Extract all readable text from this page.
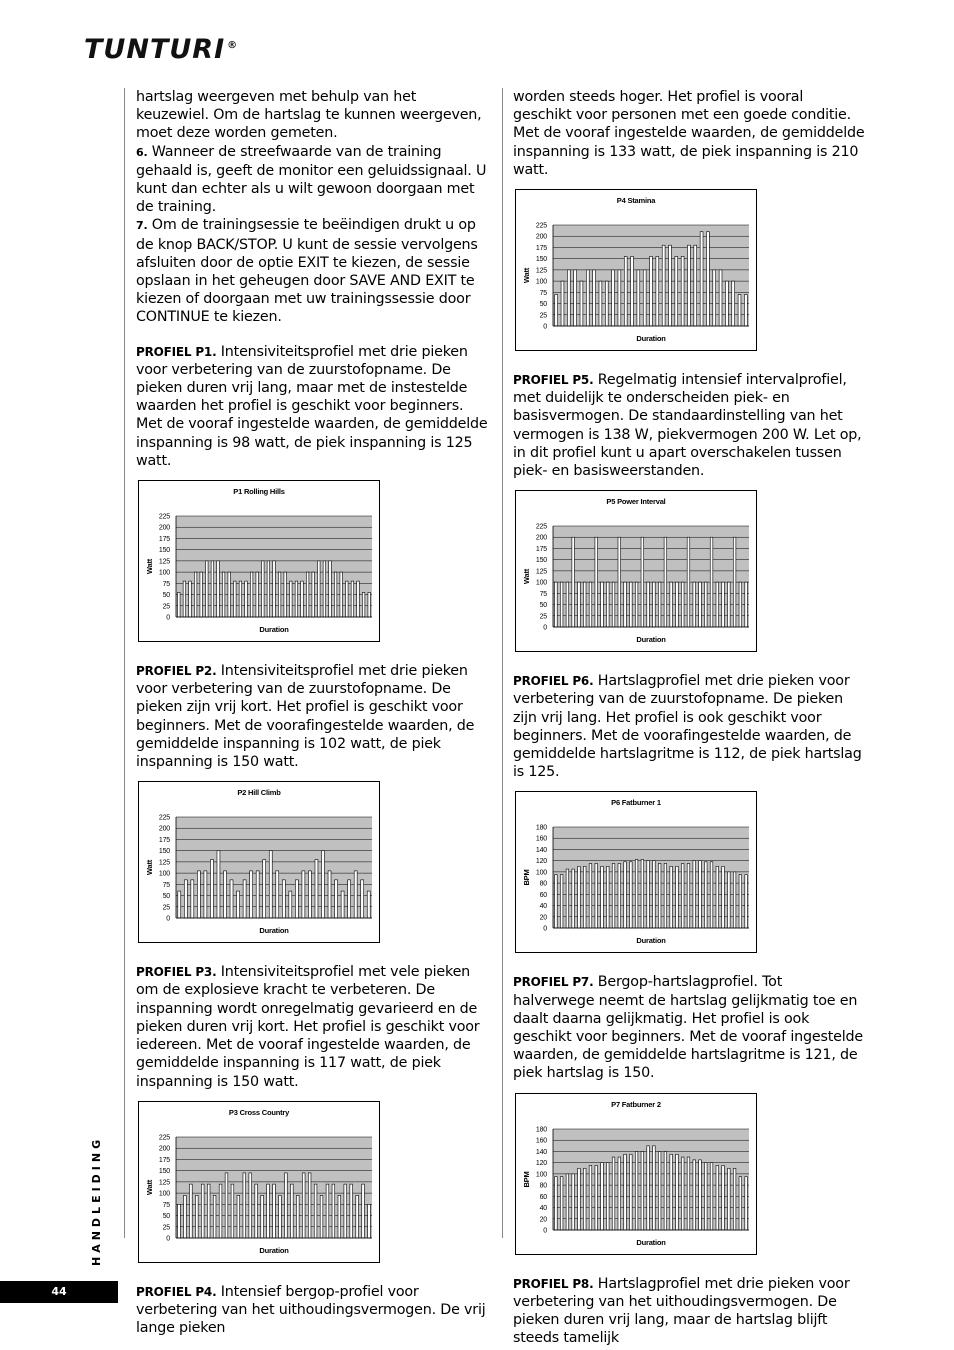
TUNTURI ®

hartslag weergeven met behulp van het keuzewiel. Om de hartslag te kunnen weergeven, moet deze worden gemeten.

6. Wanneer de streefwaarde van de training gehaald is, geeft de monitor een geluidssignaal. U kunt dan echter als u wilt gewoon doorgaan met de training.

7. Om de trainingsessie te beëindigen drukt u op de knop BACK/STOP. U kunt de sessie vervolgens afsluiten door de optie EXIT te kiezen, de sessie opslaan in het geheugen door SAVE AND EXIT te kiezen of doorgaan met uw trainingssessie door CONTINUE te kiezen.

PROFIEL P1. Intensiviteitsprofiel met drie pieken voor verbetering van de zuurstofopname. De pieken duren vrij lang, maar met de instestelde waarden het profiel is geschikt voor beginners. Met de vooraf ingestelde waarden, de gemiddelde inspanning is 98 watt, de piek inspanning is 125 watt.

P1 Rolling Hills
0
25
50
75
100
125
150
175
200
225
Duration
Watt

PROFIEL P2. Intensiviteitsprofiel met drie pieken voor verbetering van de zuurstofopname. De pieken zijn vrij kort. Het profiel is geschikt voor beginners. Met de voorafingestelde waarden, de gemiddelde inspanning is 102 watt, de piek inspanning is 150 watt.

P2 Hill Climb
0
25
50
75
100
125
150
175
200
225
Duration
Watt

PROFIEL P3. Intensiviteitsprofiel met vele pieken om de explosieve kracht te verbeteren. De inspanning wordt onregelmatig gevarieerd en de pieken duren vrij kort. Het profiel is geschikt voor iedereen. Met de vooraf ingestelde waarden, de gemiddelde inspanning is 117 watt, de piek inspanning is 150 watt.

P3 Cross Country
0
25
50
75
100
125
150
175
200
225
Duration
Watt

PROFIEL P4. Intensief bergop-profiel voor verbetering van het uithoudingsvermogen. De vrij lange pieken

worden steeds hoger. Het profiel is vooral geschikt voor personen met een goede conditie. Met de vooraf ingestelde waarden, de gemiddelde inspanning is 133 watt, de piek inspanning is 210 watt.

P4 Stamina
0
25
50
75
100
125
150
175
200
225
Duration
Watt

PROFIEL P5. Regelmatig intensief intervalprofiel, met duidelijk te onderscheiden piek- en basisvermogen. De standaardinstelling van het vermogen is 138 W, piekvermogen 200 W. Let op, in dit profiel kunt u apart overschakelen tussen piek- en basisweerstanden.

P5 Power Interval
0
25
50
75
100
125
150
175
200
225
Duration
Watt

PROFIEL P6. Hartslagprofiel met drie pieken voor verbetering van de zuurstofopname. De pieken zijn vrij lang. Het profiel is ook geschikt voor beginners. Met de voorafingestelde waarden, de gemiddelde hartslagritme is 112, de piek hartslag is 125.

P6 Fatburner 1
0
20
40
60
80
100
120
140
160
180
Duration
BPM

PROFIEL P7. Bergop-hartslagprofiel. Tot halverwege neemt de hartslag gelijkmatig toe en daalt daarna gelijkmatig. Het profiel is ook geschikt voor beginners. Met de vooraf ingestelde waarden, de gemiddelde hartslagritme is 121, de piek hartslag is 150.

P7 Fatburner 2
0
20
40
60
80
100
120
140
160
180
Duration
BPM

PROFIEL P8. Hartslagprofiel met drie pieken voor verbetering van het uithoudingsvermogen. De pieken duren vrij lang, maar de hartslag blijft steeds tamelijk

HANDLEIDING
44
